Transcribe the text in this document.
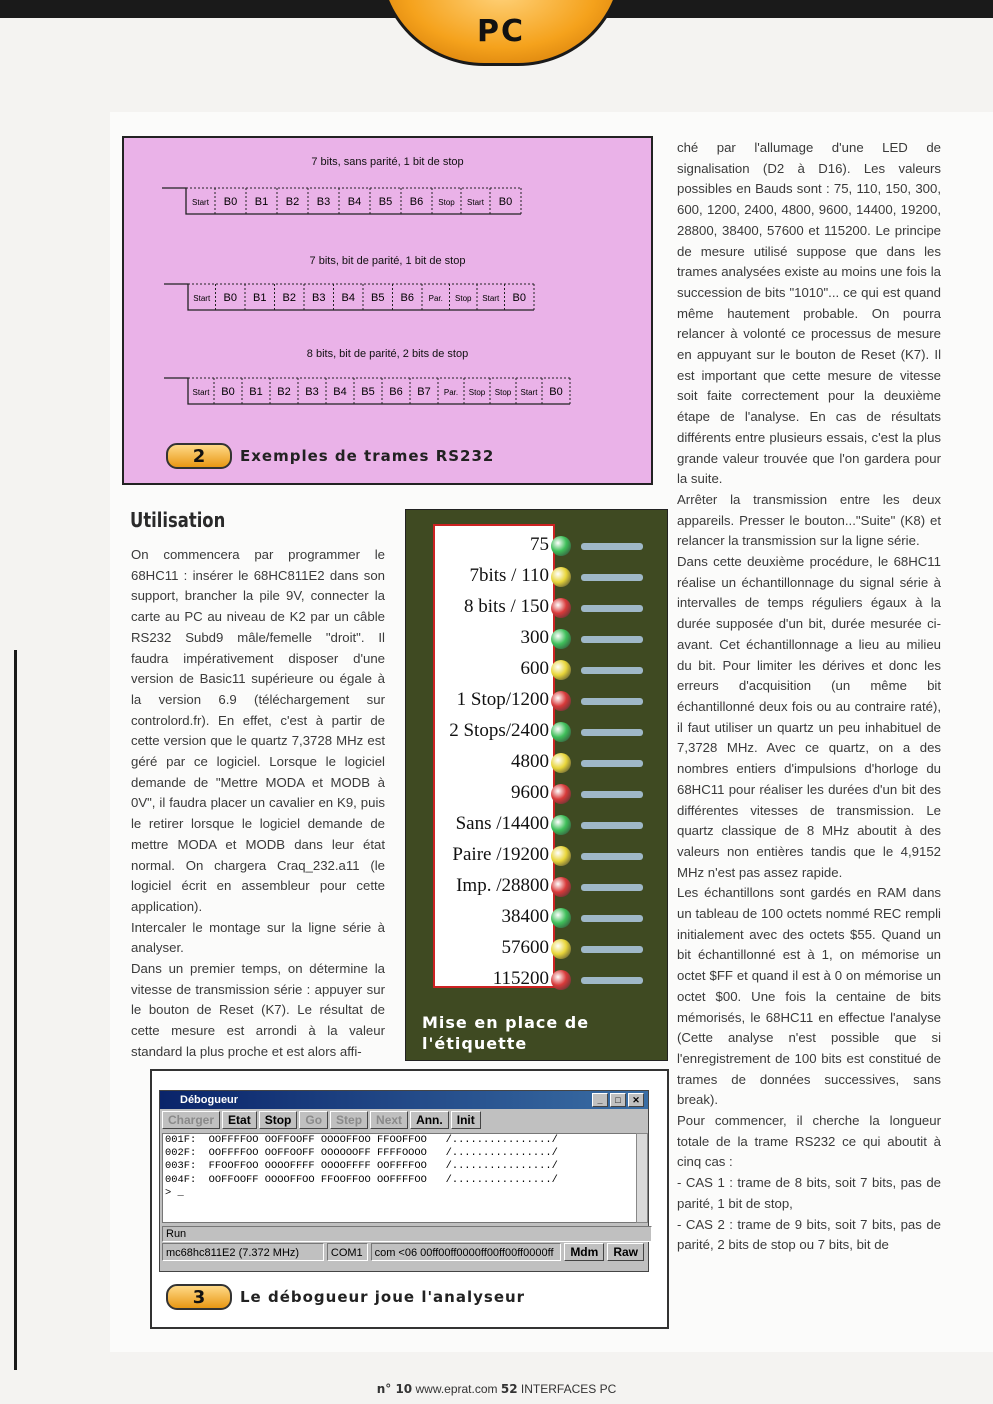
PC
7 bits, sans parité, 1 bit de stop
7 bits, bit de parité, 1 bit de stop
8 bits, bit de parité, 2 bits de stop
Start B0 B1 B2 B3 B4 B5 B6 Stop Start B0
Start B0 B1 B2 B3 B4 B5 B6 Par. Stop Start B0
Start B0 B1 B2 B3 B4 B5 B6 B7 Par. Stop Stop Start B0
2	Exemples de trames RS232
Utilisation

On commencera par programmer le 68HC11 : insérer le 68HC811E2 dans son support, brancher la pile 9V, connecter la carte au PC au niveau de K2 par un câble RS232 Subd9 mâle/femelle "droit". Il faudra impérativement disposer d'une version de Basic11 supérieure ou égale à la version 6.9 (téléchargement sur controlord.fr). En effet, c'est à partir de cette version que le quartz 7,3728 MHz est géré par ce logiciel. Lorsque le logiciel demande de "Mettre MODA et MODB à 0V", il faudra placer un cavalier en K9, puis le retirer lorsque le logiciel demande de mettre MODA et MODB dans leur état normal. On chargera Craq_232.a11 (le logiciel écrit en assembleur pour cette application).

Intercaler le montage sur la ligne série à analyser.

Dans un premier temps, on détermine la vitesse de transmission série : appuyer sur le bouton de Reset (K7). Le résultat de cette mesure est arrondi à la valeur standard la plus proche et est alors affi-

75
7bits / 110
8 bits / 150
300
600
1 Stop/1200
2 Stops/2400
4800
9600
Sans /14400
Paire /19200
Imp. /28800
38400
57600
115200
Mise en place de
l'étiquette
Débogueur	_	□	✕
Charger	Etat	Stop	Go	Step	Next	Ann.	Init
001F:  OOFFFFOO OOFFOOFF OOOOFFOO FFOOFFOO   /................/
002F:  OOFFFFOO OOFFOOFF OOOOOOFF FFFFOOOO   /................/
003F:  FFOOFFOO OOOOFFFF OOOOFFFF OOFFFFOO   /................/
004F:  OOFFOOFF OOOOFFOO FFOOFFOO OOFFFFOO   /................/
> _
Run
mc68hc811E2 (7.372 MHz)	COM1	com <06 00ff00ff0000ff00ff00ff0000ff	Mdm	Raw
3	Le débogueur joue l'analyseur

ché par l'allumage d'une LED de signalisation (D2 à D16). Les valeurs possibles en Bauds sont : 75, 110, 150, 300, 600, 1200, 2400, 4800, 9600, 14400, 19200, 28800, 38400, 57600 et 115200. Le principe de mesure utilisé suppose que dans les trames analysées existe au moins une fois la succession de bits "1010"... ce qui est quand même hautement probable. On pourra relancer à volonté ce processus de mesure en appuyant sur le bouton de Reset (K7). Il est important que cette mesure de vitesse soit faite correctement pour la deuxième étape de l'analyse. En cas de résultats différents entre plusieurs essais, c'est la plus grande valeur trouvée que l'on gardera pour la suite.

Arrêter la transmission entre les deux appareils. Presser le bouton..."Suite" (K8) et relancer la transmission sur la ligne série.

Dans cette deuxième procédure, le 68HC11 réalise un échantillonnage du signal série à intervalles de temps réguliers égaux à la durée supposée d'un bit, durée mesurée ci-avant. Cet échantillonnage a lieu au milieu du bit. Pour limiter les dérives et donc les erreurs d'acquisition (un même bit échantillonné deux fois ou au contraire raté), il faut utiliser un quartz un peu inhabituel de 7,3728 MHz. Avec ce quartz, on a des nombres entiers d'impulsions d'horloge du 68HC11 pour réaliser les durées d'un bit des différentes vitesses de transmission. Le quartz classique de 8 MHz aboutit à des valeurs non entières tandis que le 4,9152 MHz n'est pas assez rapide.

Les échantillons sont gardés en RAM dans un tableau de 100 octets nommé REC rempli initialement avec des octets $55. Quand un bit échantillonné est à 1, on mémorise un octet $FF et quand il est à 0 on mémorise un octet $00. Une fois la centaine de bits mémorisés, le 68HC11 en effectue l'analyse (Cette analyse n'est possible que si l'enregistrement de 100 bits est constitué de trames de données successives, sans break).

Pour commencer, il cherche la longueur totale de la trame RS232 ce qui aboutit à cinq cas :

- CAS 1 : trame de 8 bits, soit 7 bits, pas de parité, 1 bit de stop,

- CAS 2 : trame de 9 bits, soit 7 bits, pas de parité, 2 bits de stop ou 7 bits, bit de

n° 10 www.eprat.com 52 INTERFACES PC
